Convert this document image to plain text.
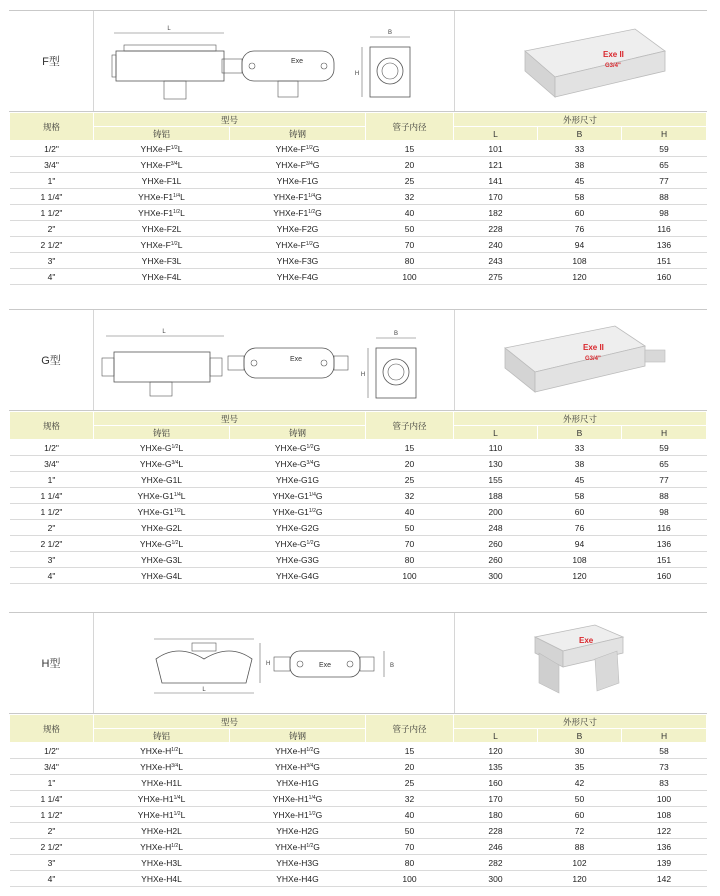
F型
L
Exe
B
H
Exe II
G3/4"
规格	型号		管子内径	外形尺寸		
	铸铝	铸钢		L	B	H
1/2"	YHXe-$F^{1/2}L$	YHXe-$F^{1/2}G$	15	101	33	59
3/4"	YHXe-$F^{3/4}L$	YHXe-$F^{3/4}G$	20	121	38	65
1"	YHXe-F1L	YHXe-F1G	25	141	45	77
1 1/4"	YHXe-$F1^{1/4}L$	YHXe-$F1^{1/4}G$	32	170	58	88
1 1/2"	YHXe-$F1^{1/2}L$	YHXe-$F1^{1/2}G$	40	182	60	98
2"	YHXe-F2L	YHXe-F2G	50	228	76	116
2 1/2"	YHXe-$F^{1/2}L$	YHXe-$F^{1/2}G$	70	240	94	136
3"	YHXe-F3L	YHXe-F3G	80	243	108	151
4"	YHXe-F4L	YHXe-F4G	100	275	120	160
G型
L
Exe
B
H
Exe II
G3/4"
规格	型号		管子内径	外形尺寸		
	铸铝	铸钢		L	B	H
1/2"	YHXe-$G^{1/2}L$	YHXe-$G^{1/2}G$	15	110	33	59
3/4"	YHXe-$G^{3/4}L$	YHXe-$G^{3/4}G$	20	130	38	65
1"	YHXe-G1L	YHXe-G1G	25	155	45	77
1 1/4"	YHXe-$G1^{1/4}L$	YHXe-$G1^{1/4}G$	32	188	58	88
1 1/2"	YHXe-$G1^{1/2}L$	YHXe-$G1^{1/2}G$	40	200	60	98
2"	YHXe-G2L	YHXe-G2G	50	248	76	116
2 1/2"	YHXe-$G^{1/2}L$	YHXe-$G^{1/2}G$	70	260	94	136
3"	YHXe-G3L	YHXe-G3G	80	260	108	151
4"	YHXe-G4L	YHXe-G4G	100	300	120	160
H型
L
H	Exe	B
Exe
规格	型号		管子内径	外形尺寸		
	铸铝	铸钢		L	B	H
1/2"	YHXe-$H^{1/2}L$	YHXe-$H^{1/2}G$	15	120	30	58
3/4"	YHXe-$H^{3/4}L$	YHXe-$H^{3/4}G$	20	135	35	73
1"	YHXe-H1L	YHXe-H1G	25	160	42	83
1 1/4"	YHXe-$H1^{1/4}L$	YHXe-$H1^{1/4}G$	32	170	50	100
1 1/2"	YHXe-$H1^{1/2}L$	YHXe-$H1^{1/2}G$	40	180	60	108
2"	YHXe-H2L	YHXe-H2G	50	228	72	122
2 1/2"	YHXe-$H^{1/2}L$	YHXe-$H^{1/2}G$	70	246	88	136
3"	YHXe-H3L	YHXe-H3G	80	282	102	139
4"	YHXe-H4L	YHXe-H4G	100	300	120	142
